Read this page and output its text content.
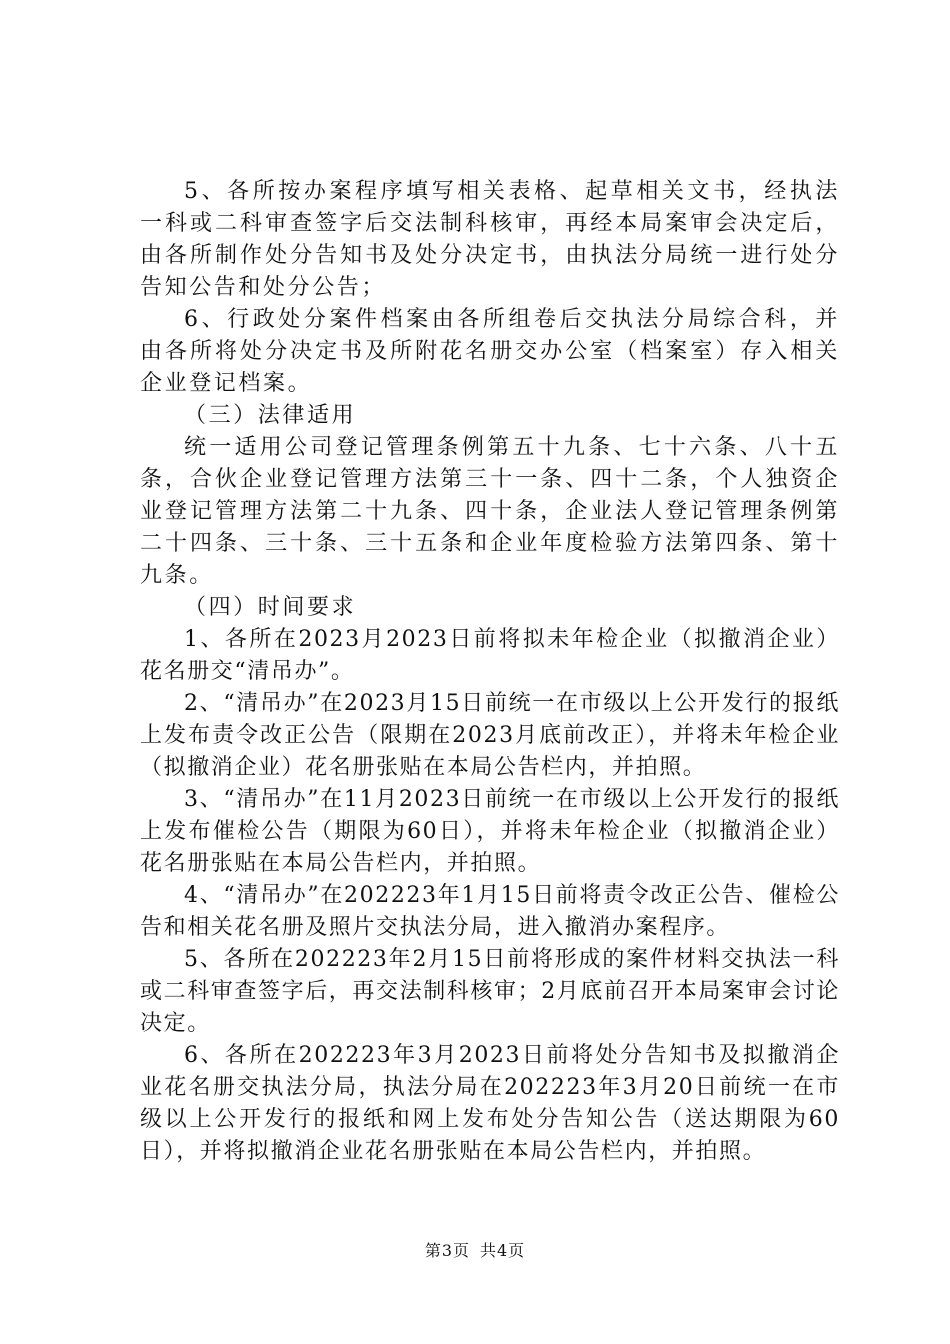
5、各所按办案程序填写相关表格、起草相关文书，经执法一科或二科审查签字后交法制科核审，再经本局案审会决定后，由各所制作处分告知书及处分决定书，由执法分局统一进行处分告知公告和处分公告；

6、行政处分案件档案由各所组卷后交执法分局综合科，并由各所将处分决定书及所附花名册交办公室（档案室）存入相关企业登记档案。

（三）法律适用

统一适用公司登记管理条例第五十九条、七十六条、八十五条，合伙企业登记管理方法第三十一条、四十二条，个人独资企业登记管理方法第二十九条、四十条，企业法人登记管理条例第二十四条、三十条、三十五条和企业年度检验方法第四条、第十九条。

（四）时间要求

1、各所在2023月2023日前将拟未年检企业（拟撤消企业）花名册交“清吊办”。

2、“清吊办”在2023月15日前统一在市级以上公开发行的报纸上发布责令改正公告（限期在2023月底前改正），并将未年检企业（拟撤消企业）花名册张贴在本局公告栏内，并拍照。

3、“清吊办”在11月2023日前统一在市级以上公开发行的报纸上发布催检公告（期限为60日），并将未年检企业（拟撤消企业）花名册张贴在本局公告栏内，并拍照。

4、“清吊办”在202223年1月15日前将责令改正公告、催检公告和相关花名册及照片交执法分局，进入撤消办案程序。

5、各所在202223年2月15日前将形成的案件材料交执法一科或二科审查签字后，再交法制科核审；2月底前召开本局案审会讨论决定。

6、各所在202223年3月2023日前将处分告知书及拟撤消企业花名册交执法分局，执法分局在202223年3月20日前统一在市级以上公开发行的报纸和网上发布处分告知公告（送达期限为60日），并将拟撤消企业花名册张贴在本局公告栏内，并拍照。

第3页 共4页
